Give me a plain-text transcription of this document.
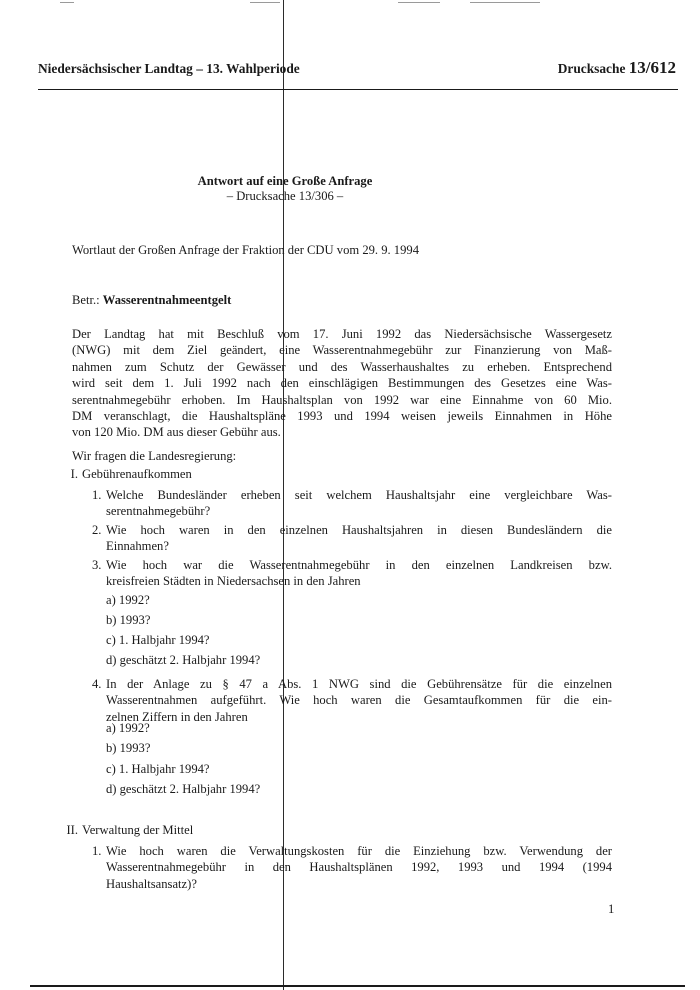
Niedersächsischer Landtag – 13. Wahlperiode	Drucksache 13/612
Antwort auf eine Große Anfrage
– Drucksache 13/306 –
Wortlaut der Großen Anfrage der Fraktion der CDU vom 29. 9. 1994
Betr.: Wasserentnahmeentgelt
Der Landtag hat mit Beschluß vom 17. Juni 1992 das Niedersächsische Wassergesetz
(NWG) mit dem Ziel geändert, eine Wasserentnahmegebühr zur Finanzierung von Maß-
nahmen zum Schutz der Gewässer und des Wasserhaushaltes zu erheben. Entsprechend
wird seit dem 1. Juli 1992 nach den einschlägigen Bestimmungen des Gesetzes eine Was-
serentnahmegebühr erhoben. Im Haushaltsplan von 1992 war eine Einnahme von 60 Mio.
DM veranschlagt, die Haushaltspläne 1993 und 1994 weisen jeweils Einnahmen in Höhe
von 120 Mio. DM aus dieser Gebühr aus.
Wir fragen die Landesregierung:
I. Gebührenaufkommen
1. Welche Bundesländer erheben seit welchem Haushaltsjahr eine vergleichbare Was-
serentnahmegebühr?
2. Wie hoch waren in den einzelnen Haushaltsjahren in diesen Bundesländern die
Einnahmen?
3. Wie hoch war die Wasserentnahmegebühr in den einzelnen Landkreisen bzw.
kreisfreien Städten in Niedersachsen in den Jahren
a) 1992?
b) 1993?
c) 1. Halbjahr 1994?
d) geschätzt 2. Halbjahr 1994?
4. In der Anlage zu § 47 a Abs. 1 NWG sind die Gebührensätze für die einzelnen
Wasserentnahmen aufgeführt. Wie hoch waren die Gesamtaufkommen für die ein-
zelnen Ziffern in den Jahren
a) 1992?
b) 1993?
c) 1. Halbjahr 1994?
d) geschätzt 2. Halbjahr 1994?
II. Verwaltung der Mittel
1. Wie hoch waren die Verwaltungskosten für die Einziehung bzw. Verwendung der
Wasserentnahmegebühr in den Haushaltsplänen 1992, 1993 und 1994 (1994
Haushaltsansatz)?
1
